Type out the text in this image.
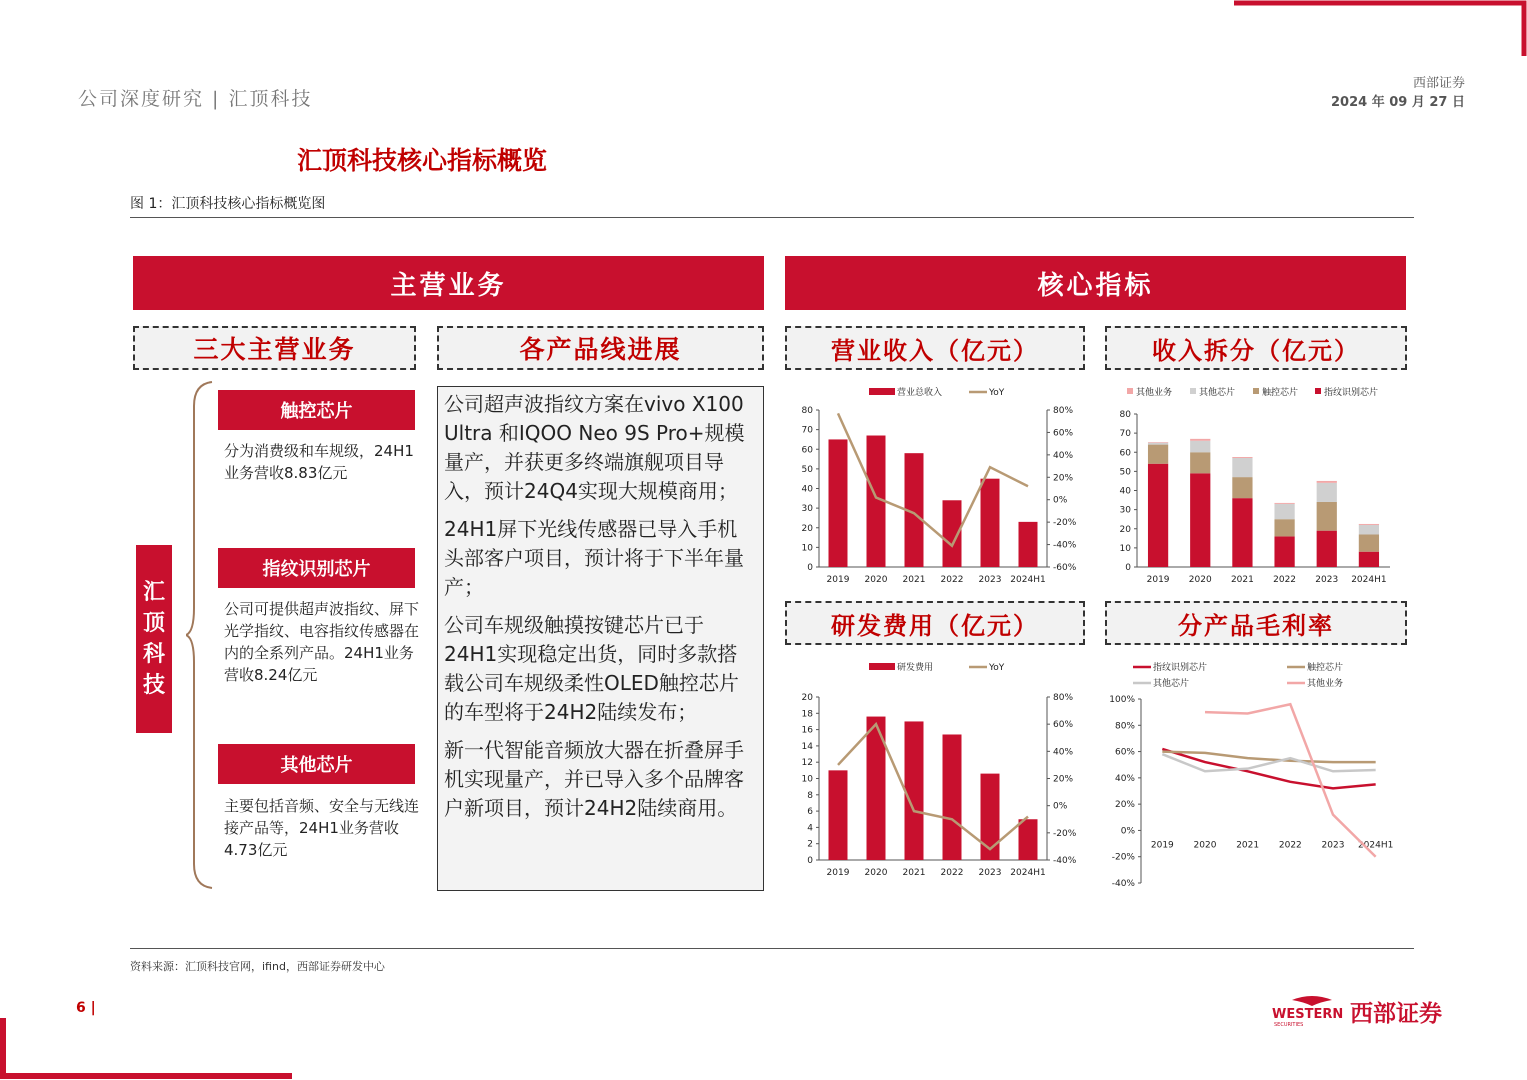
公司深度研究 | 汇顶科技
西部证券
2024 年 09 月 27 日
汇顶科技核心指标概览
图 1：汇顶科技核心指标概览图
主营业务	核心指标
三大主营业务	各产品线进展	营业收入（亿元）	收入拆分（亿元）
研发费用（亿元）	分产品毛利率
汇
顶
科
技
触控芯片
分为消费级和车规级，24H1业务营收8.83亿元
指纹识别芯片
公司可提供超声波指纹、屏下光学指纹、电容指纹传感器在内的全系列产品。24H1业务营收8.24亿元
其他芯片
主要包括音频、安全与无线连接产品等，24H1业务营收4.73亿元

公司超声波指纹方案在vivo X100 Ultra 和IQOO Neo 9S Pro+规模量产，并获更多终端旗舰项目导入，预计24Q4实现大规模商用；

24H1屏下光线传感器已导入手机头部客户项目，预计将于下半年量产；

公司车规级触摸按键芯片已于24H1实现稳定出货，同时多款搭载公司车规级柔性OLED触控芯片的车型将于24H2陆续发布；

新一代智能音频放大器在折叠屏手机实现量产，并已导入多个品牌客户新项目，预计24H2陆续商用。

0
10
20
30
40
50
60
70
80
-60%
-40%
-20%
0%
20%
40%
60%
80%
2019 2020 2021 2022 2023 2024H1
营业总收入	YoY
0
10
20
30
40
50
60
70
80
2019 2020 2021 2022 2023 2024H1
其他业务	其他芯片	触控芯片	指纹识别芯片
0
2
4
6
8
10
12
14
16
18
20
-40%
-20%
0%
20%
40%
60%
80%
2019 2020 2021 2022 2023 2024H1
研发费用	YoY
-40%
-20%
0%
20%
40%
60%
80%
100%
2019 2020 2021 2022 2023 2024H1
指纹识别芯片	触控芯片
其他芯片	其他业务
资料来源：汇顶科技官网，ifind，西部证券研发中心
6 |	WESTERN
SECURITIES 西部证券
